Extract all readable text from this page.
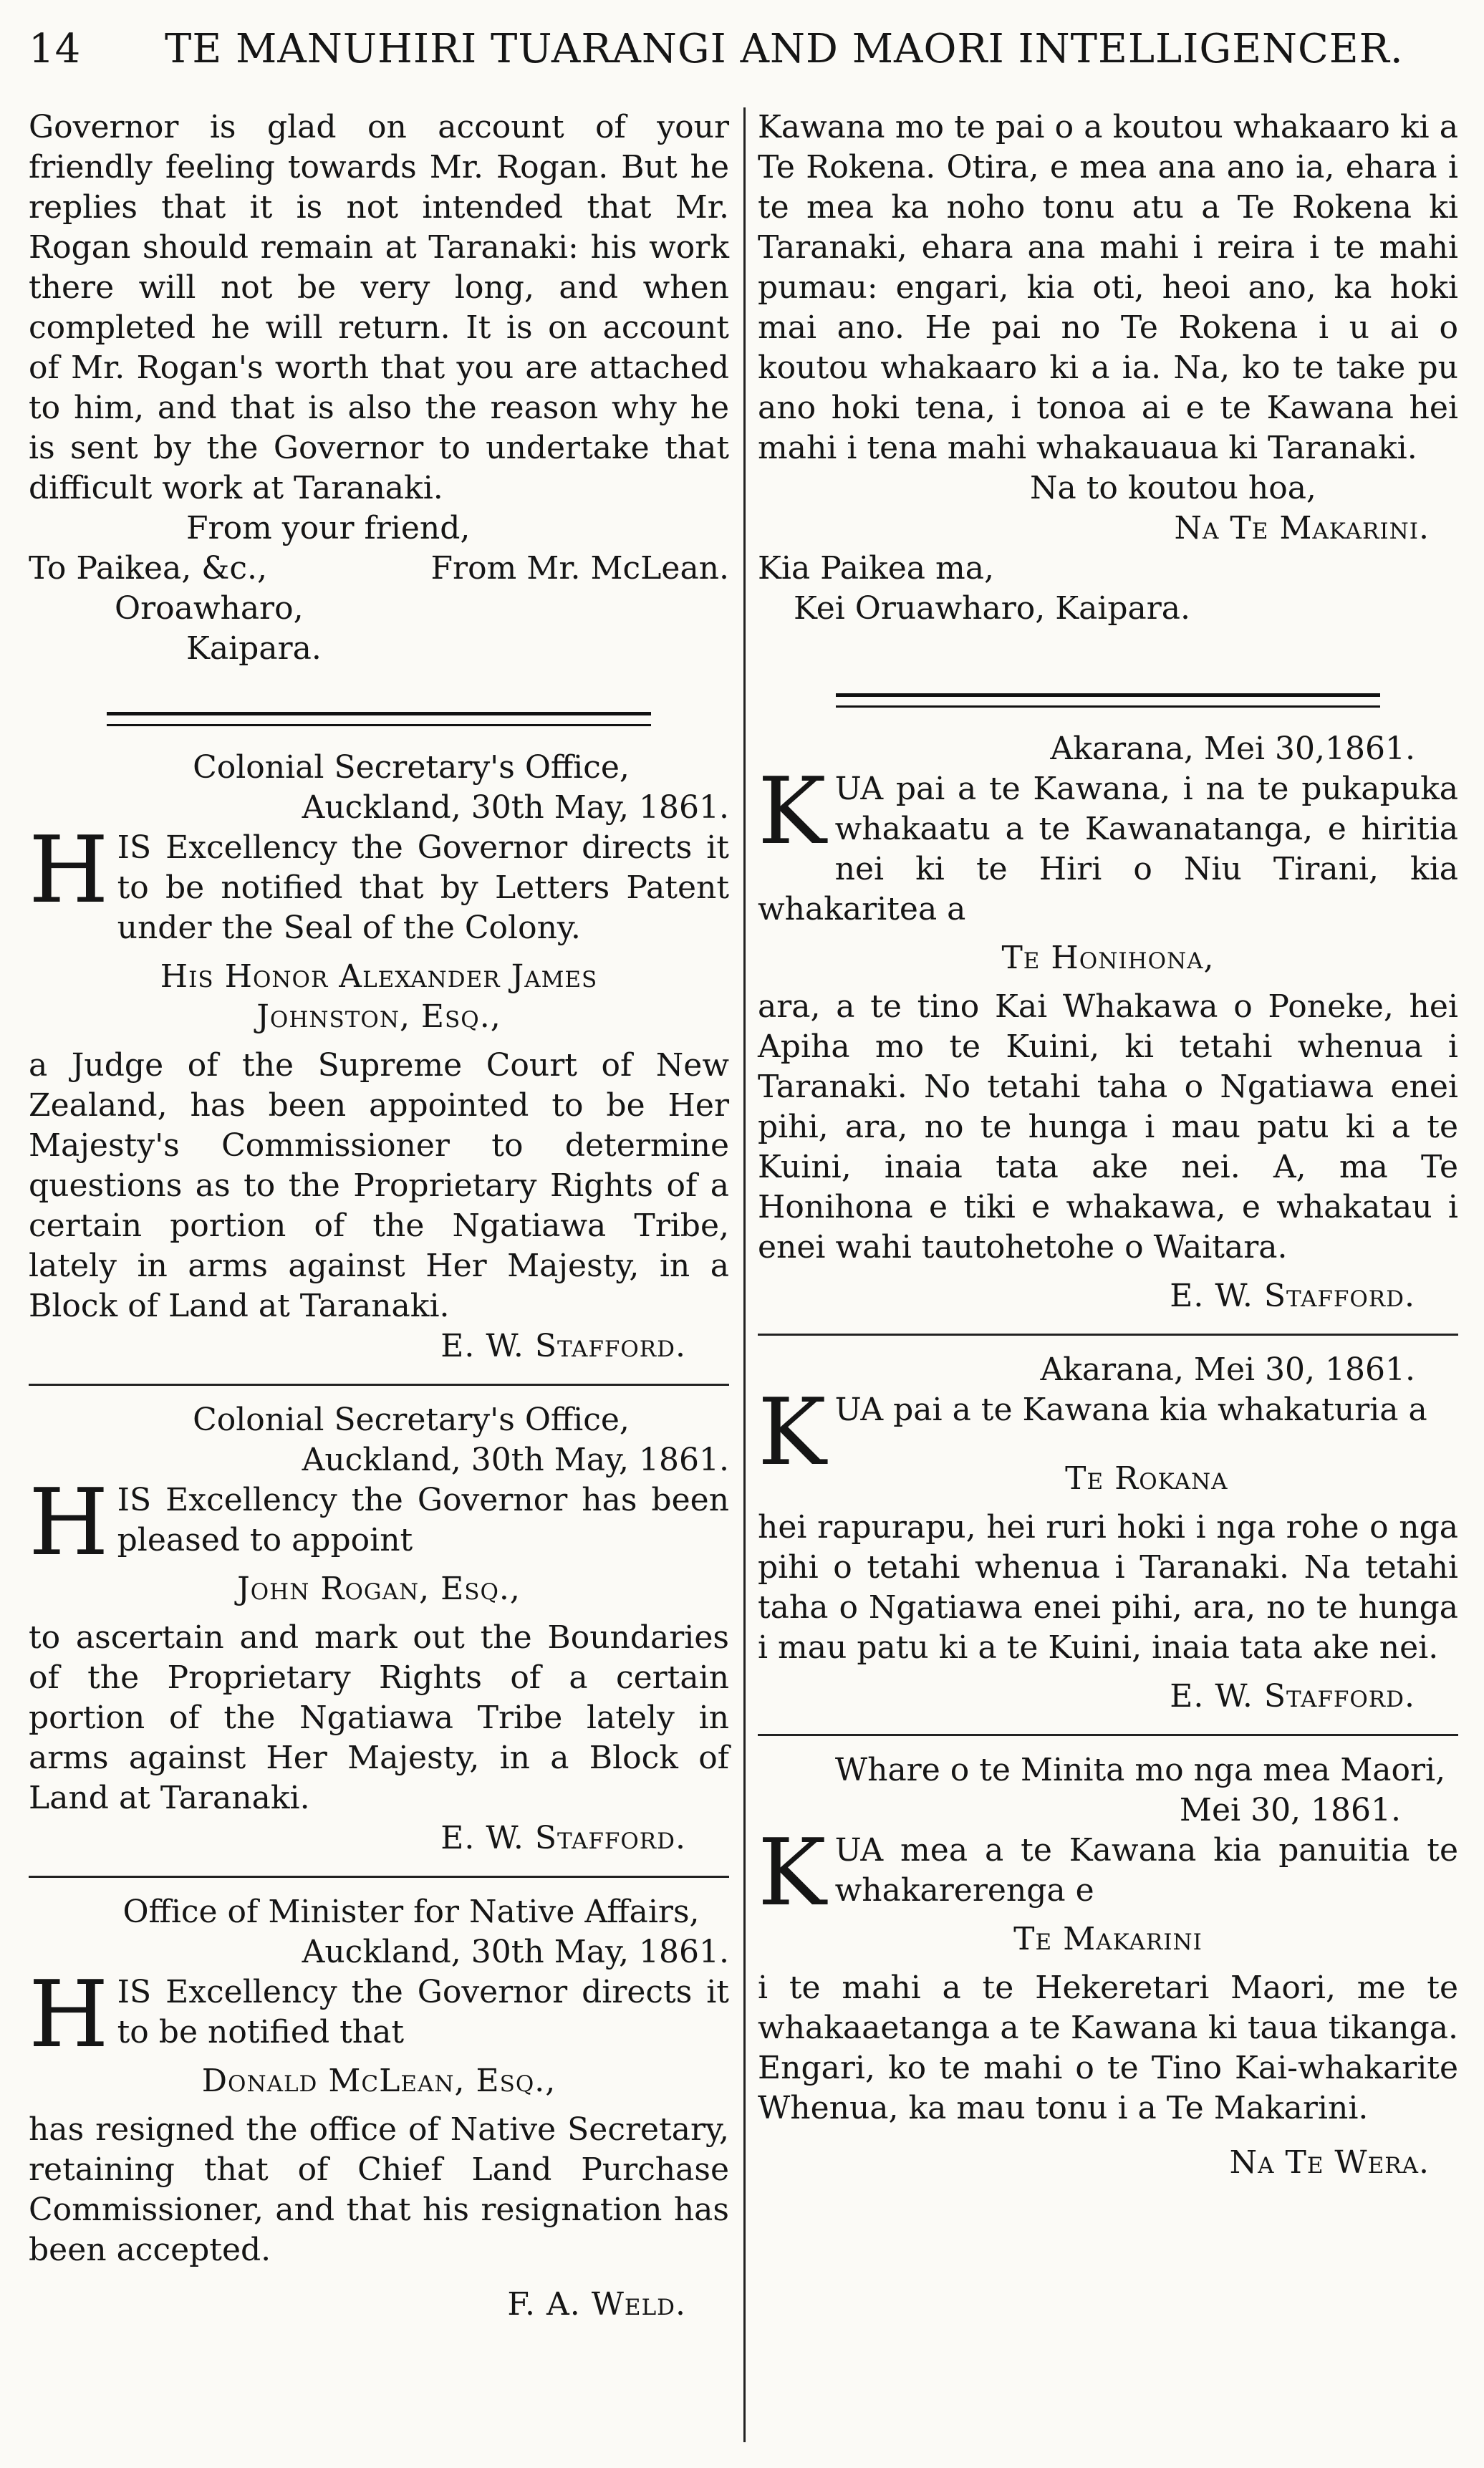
14 TE MANUHIRI TUARANGI AND MAORI INTELLIGENCER.

Governor is glad on account of your friendly feeling towards Mr. Rogan. But he replies that it is not intended that Mr. Rogan should remain at Taranaki: his work there will not be very long, and when completed he will return. It is on account of Mr. Rogan's worth that you are attached to him, and that is also the reason why he is sent by the Governor to undertake that difficult work at Taranaki.

From your friend,

From Mr. McLean.

To Paikea, &c.,

Oroawharo,

Kaipara.

Colonial Secretary's Office,

Auckland, 30th May, 1861.

H IS Excellency the Governor directs it to be notified that by Letters Patent under the Seal of the Colony.

His Honor Alexander James

Johnston, Esq.,

a Judge of the Supreme Court of New Zealand, has been appointed to be Her Majesty's Commissioner to determine questions as to the Proprietary Rights of a certain portion of the Ngatiawa Tribe, lately in arms against Her Majesty, in a Block of Land at Taranaki.

E. W. Stafford.

Colonial Secretary's Office,

Auckland, 30th May, 1861.

H IS Excellency the Governor has been pleased to appoint

John Rogan, Esq.,

to ascertain and mark out the Boundaries of the Proprietary Rights of a certain portion of the Ngatiawa Tribe lately in arms against Her Majesty, in a Block of Land at Taranaki.

E. W. Stafford.

Office of Minister for Native Affairs,

Auckland, 30th May, 1861.

H IS Excellency the Governor directs it to be notified that

Donald McLean, Esq.,

has resigned the office of Native Secretary, retaining that of Chief Land Purchase Commissioner, and that his resignation has been accepted.

F. A. Weld.

Kawana mo te pai o a koutou whakaaro ki a Te Rokena. Otira, e mea ana ano ia, ehara i te mea ka noho tonu atu a Te Rokena ki Taranaki, ehara ana mahi i reira i te mahi pumau: engari, kia oti, heoi ano, ka hoki mai ano. He pai no Te Rokena i u ai o koutou whakaaro ki a ia. Na, ko te take pu ano hoki tena, i tonoa ai e te Kawana hei mahi i tena mahi whakauaua ki Taranaki.

Na to koutou hoa,

Na Te Makarini.

Kia Paikea ma,

Kei Oruawharo, Kaipara.

Akarana, Mei 30,1861.

K UA pai a te Kawana, i na te pukapuka whakaatu a te Kawanatanga, e hiritia nei ki te Hiri o Niu Tirani, kia whakaritea a

Te Honihona,

ara, a te tino Kai Whakawa o Poneke, hei Apiha mo te Kuini, ki tetahi whenua i Taranaki. No tetahi taha o Ngatiawa enei pihi, ara, no te hunga i mau patu ki a te Kuini, inaia tata ake nei. A, ma Te Honihona e tiki e whakawa, e whakatau i enei wahi tautohetohe o Waitara.

E. W. Stafford.

Akarana, Mei 30, 1861.

K UA pai a te Kawana kia whakaturia a

Te Rokana

hei rapurapu, hei ruri hoki i nga rohe o nga pihi o tetahi whenua i Taranaki. Na tetahi taha o Ngatiawa enei pihi, ara, no te hunga i mau patu ki a te Kuini, inaia tata ake nei.

E. W. Stafford.

Whare o te Minita mo nga mea Maori,

Mei 30, 1861.

K UA mea a te Kawana kia panuitia te whakarerenga e

Te Makarini

i te mahi a te Hekeretari Maori, me te whakaaetanga a te Kawana ki taua tikanga. Engari, ko te mahi o te Tino Kai-whakarite Whenua, ka mau tonu i a Te Makarini.

Na Te Wera.
